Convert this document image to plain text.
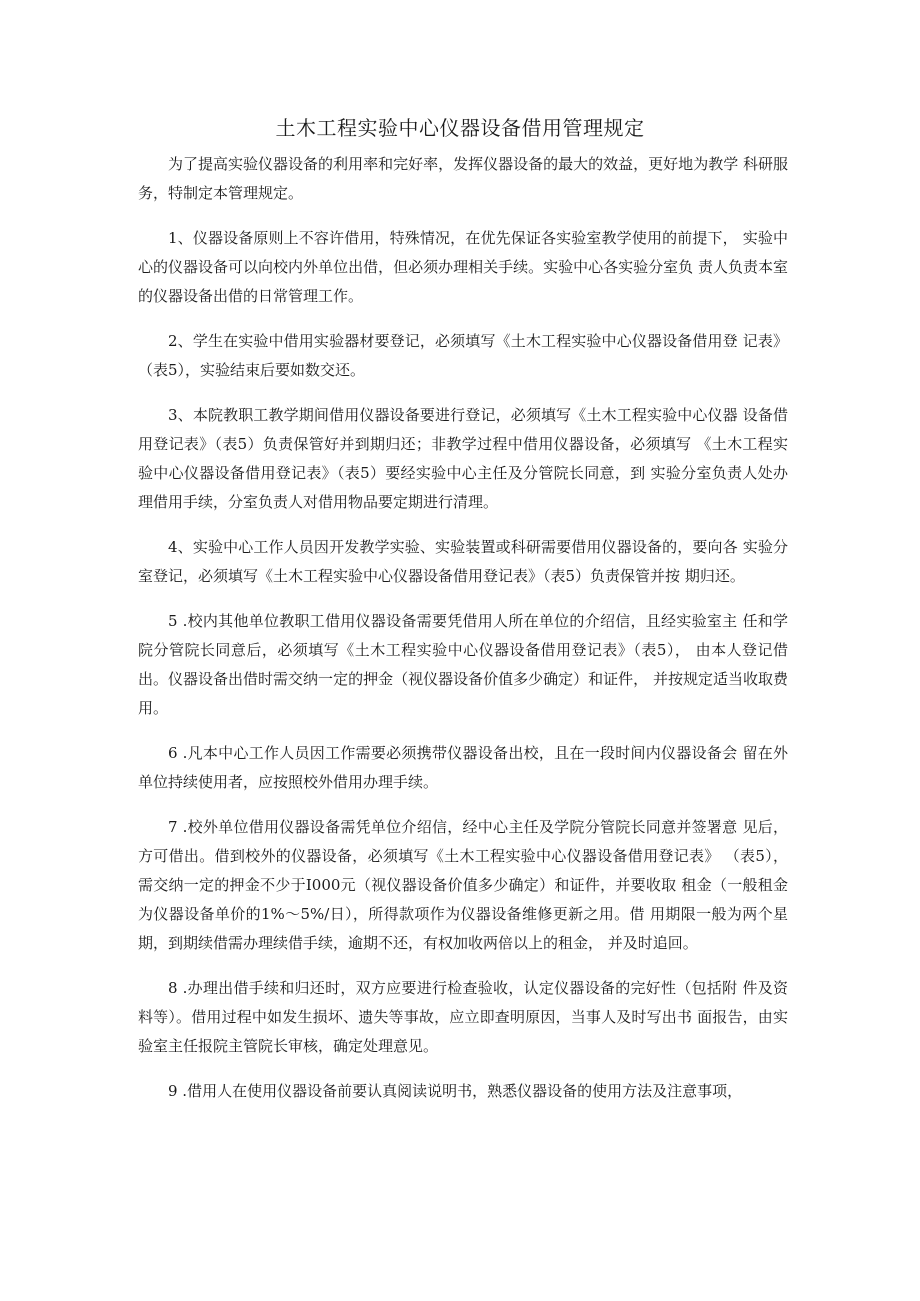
土木工程实验中心仪器设备借用管理规定

为了提高实验仪器设备的利用率和完好率，发挥仪器设备的最大的效益，更好地为教学 科研服务，特制定本管理规定。

1、仪器设备原则上不容许借用，特殊情况，在优先保证各实验室教学使用的前提下， 实验中心的仪器设备可以向校内外单位出借，但必须办理相关手续。实验中心各实验分室负 责人负责本室的仪器设备出借的日常管理工作。

2、学生在实验中借用实验器材要登记，必须填写《土木工程实验中心仪器设备借用登 记表》（表5），实验结束后要如数交还。

3、本院教职工教学期间借用仪器设备要进行登记，必须填写《土木工程实验中心仪器 设备借用登记表》（表5）负责保管好并到期归还；非教学过程中借用仪器设备，必须填写 《土木工程实验中心仪器设备借用登记表》（表5）要经实验中心主任及分管院长同意，到 实验分室负责人处办理借用手续，分室负责人对借用物品要定期进行清理。

4、实验中心工作人员因开发教学实验、实验装置或科研需要借用仪器设备的，要向各 实验分室登记，必须填写《土木工程实验中心仪器设备借用登记表》（表5）负责保管并按 期归还。

5 .校内其他单位教职工借用仪器设备需要凭借用人所在单位的介绍信，且经实验室主 任和学院分管院长同意后，必须填写《土木工程实验中心仪器设备借用登记表》（表5）， 由本人登记借出。仪器设备出借时需交纳一定的押金（视仪器设备价值多少确定）和证件， 并按规定适当收取费用。

6 .凡本中心工作人员因工作需要必须携带仪器设备出校，且在一段时间内仪器设备会 留在外单位持续使用者，应按照校外借用办理手续。

7 .校外单位借用仪器设备需凭单位介绍信，经中心主任及学院分管院长同意并签署意 见后，方可借出。借到校外的仪器设备，必须填写《土木工程实验中心仪器设备借用登记表》 （表5），需交纳一定的押金不少于I000元（视仪器设备价值多少确定）和证件，并要收取 租金（一般租金为仪器设备单价的1%～5%/日），所得款项作为仪器设备维修更新之用。借 用期限一般为两个星期，到期续借需办理续借手续，逾期不还，有权加收两倍以上的租金， 并及时追回。

8 .办理出借手续和归还时，双方应要进行检查验收，认定仪器设备的完好性（包括附 件及资料等）。借用过程中如发生损坏、遗失等事故，应立即查明原因，当事人及时写出书 面报告，由实验室主任报院主管院长审核，确定处理意见。

9 .借用人在使用仪器设备前要认真阅读说明书，熟悉仪器设备的使用方法及注意事项，
